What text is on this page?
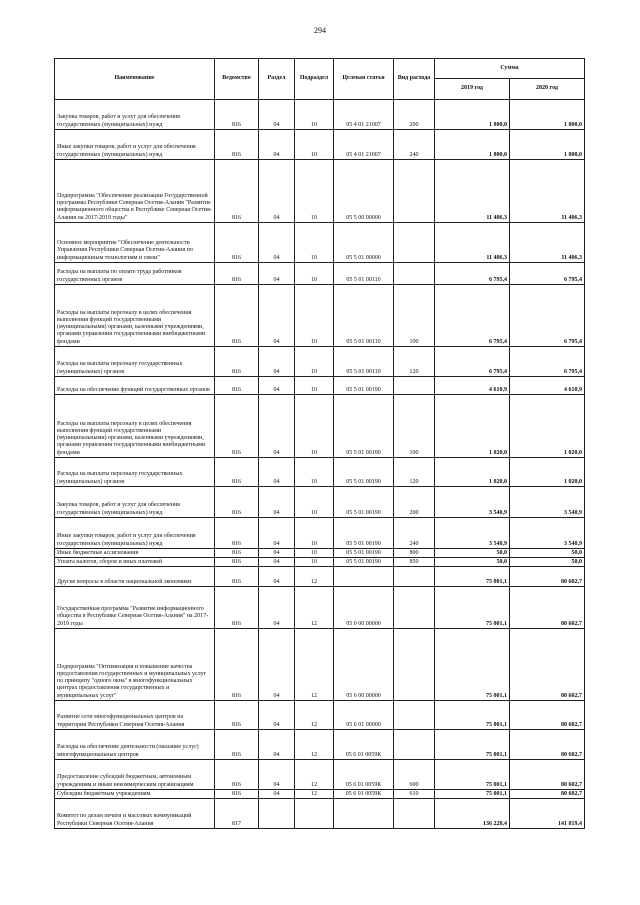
294
Наименование	Ведомство	Раздел	Подраздел	Целевая статья	Вид расхода	Сумма	
						2019 год	2020 год
Закупка товаров, работ и услуг для обеспечения государственных (муниципальных) нужд	816	04	10	05 4 01 21007	200	1 800,0	1 800,0
Иные закупки товаров, работ и услуг для обеспечения государственных (муниципальных) нужд	816	04	10	05 4 01 21007	240	1 800,0	1 800,0
Подпрограмма "Обеспечение реализации Государственной программы Республики Северная Осетия-Алания "Развитие информационного общества в Республике Северная Осетия-Алания на 2017-2019 годы"	816	04	10	05 5 00 00000		11 406,3	11 406,3
Основное мероприятие "Обеспечение деятельности Управления Республики Северная Осетия-Алания по информационным технологиям и связи"	816	04	10	05 5 01 00000		11 406,3	11 406,3
Расходы на выплаты по оплате труда работников государственных органов	816	04	10	05 5 01 00110		6 795,4	6 795,4
Расходы на выплаты персоналу в целях обеспечения выполнения функций государственными (муниципальными) органами, казенными учреждениями, органами управления государственными внебюджетными фондами	816	04	10	05 5 01 00110	100	6 795,4	6 795,4
Расходы на выплаты персоналу государственных (муниципальных) органов	816	04	10	05 5 01 00110	120	6 795,4	6 795,4
Расходы на обеспечение функций государственных органов	816	04	10	05 5 01 00190		4 610,9	4 610,9
Расходы на выплаты персоналу в целях обеспечения выполнения функций государственными (муниципальными) органами, казенными учреждениями, органами управления государственными внебюджетными фондами	816	04	10	05 5 01 00190	100	1 020,0	1 020,0
Расходы на выплаты персоналу государственных (муниципальных) органов	816	04	10	05 5 01 00190	120	1 020,0	1 020,0
Закупка товаров, работ и услуг для обеспечения государственных (муниципальных) нужд	816	04	10	05 5 01 00190	200	3 540,9	3 540,9
Иные закупки товаров, работ и услуг для обеспечения государственных (муниципальных) нужд	816	04	10	05 5 01 00190	240	3 540,9	3 540,9
Иные бюджетные ассигнования	816	04	10	05 5 01 00190	800	50,0	50,0
Уплата налогов, сборов и иных платежей	816	04	10	05 5 01 00190	850	50,0	50,0
Другие вопросы в области национальной экономики	816	04	12			75 001,1	80 602,7
Государственная программа "Развитие информационного общества в Республике Северная Осетия-Алания" на 2017-2019 годы	816	04	12	05 0 00 00000		75 001,1	80 602,7
Подпрограмма "Оптимизация и повышение качества предоставления государственных и муниципальных услуг по принципу "одного окна" в многофункциональных центрах предоставления государственных и муниципальных услуг"	816	04	12	05 6 00 00000		75 001,1	80 602,7
Развитие сети многофункциональных центров на территории Республики Северная Осетия-Алания	816	04	12	05 6 01 00000		75 001,1	80 602,7
Расходы на обеспечение деятельности (оказание услуг) многофункциональных центров	816	04	12	05 6 01 0059К		75 001,1	80 602,7
Предоставление субсидий бюджетным, автономным учреждениям и иным некоммерческим организациям	816	04	12	05 6 01 0059К	600	75 001,1	80 602,7
Субсидии бюджетным учреждениям	816	04	12	05 6 01 0059К	610	75 001,1	80 602,7
Комитет по делам печати и массовых коммуникаций Республики Северная Осетия-Алания	817					136 228,4	141 819,4
